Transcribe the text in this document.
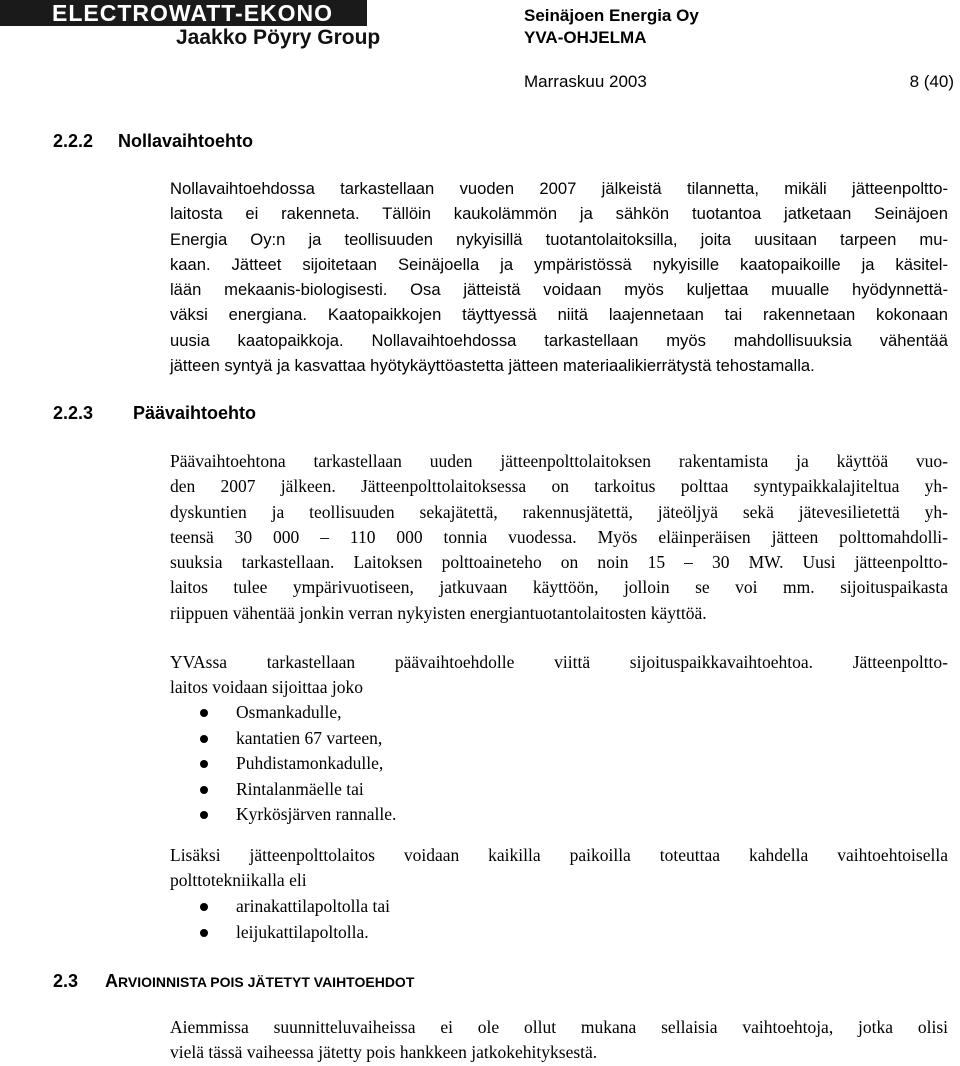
ELECTROWATT-EKONO
Jaakko Pöyry Group
Seinäjoen Energia Oy
YVA-OHJELMA
Marraskuu 2003	8 (40)
2.2.2 Nollavaihtoehto
Nollavaihtoehdossa tarkastellaan vuoden 2007 jälkeistä tilannetta, mikäli jätteenpoltto-
laitosta ei rakenneta. Tällöin kaukolämmön ja sähkön tuotantoa jatketaan Seinäjoen
Energia Oy:n ja teollisuuden nykyisillä tuotantolaitoksilla, joita uusitaan tarpeen mu-
kaan. Jätteet sijoitetaan Seinäjoella ja ympäristössä nykyisille kaatopaikoille ja käsitel-
lään mekaanis-biologisesti. Osa jätteistä voidaan myös kuljettaa muualle hyödynnettä-
väksi energiana. Kaatopaikkojen täyttyessä niitä laajennetaan tai rakennetaan kokonaan
uusia kaatopaikkoja. Nollavaihtoehdossa tarkastellaan myös mahdollisuuksia vähentää
jätteen syntyä ja kasvattaa hyötykäyttöastetta jätteen materiaalikierrätystä tehostamalla.
2.2.3 Päävaihtoehto
Päävaihtoehtona tarkastellaan uuden jätteenpolttolaitoksen rakentamista ja käyttöä vuo-
den 2007 jälkeen. Jätteenpolttolaitoksessa on tarkoitus polttaa syntypaikkalajiteltua yh-
dyskuntien ja teollisuuden sekajätettä, rakennusjätettä, jäteöljyä sekä jätevesilietettä yh-
teensä 30 000 – 110 000 tonnia vuodessa. Myös eläinperäisen jätteen polttomahdolli-
suuksia tarkastellaan. Laitoksen polttoaineteho on noin 15 – 30 MW. Uusi jätteenpoltto-
laitos tulee ympärivuotiseen, jatkuvaan käyttöön, jolloin se voi mm. sijoituspaikasta
riippuen vähentää jonkin verran nykyisten energiantuotantolaitosten käyttöä.
YVAssa tarkastellaan päävaihtoehdolle viittä sijoituspaikkavaihtoehtoa. Jätteenpoltto-
laitos voidaan sijoittaa joko
Osmankadulle,
kantatien 67 varteen,
Puhdistamonkadulle,
Rintalanmäelle tai
Kyrkösjärven rannalle.
Lisäksi jätteenpolttolaitos voidaan kaikilla paikoilla toteuttaa kahdella vaihtoehtoisella
polttotekniikalla eli
arinakattilapoltolla tai
leijukattilapoltolla.
2.3 ARVIOINNISTA POIS JÄTETYT VAIHTOEHDOT
Aiemmissa suunnitteluvaiheissa ei ole ollut mukana sellaisia vaihtoehtoja, jotka olisi
vielä tässä vaiheessa jätetty pois hankkeen jatkokehityksestä.
